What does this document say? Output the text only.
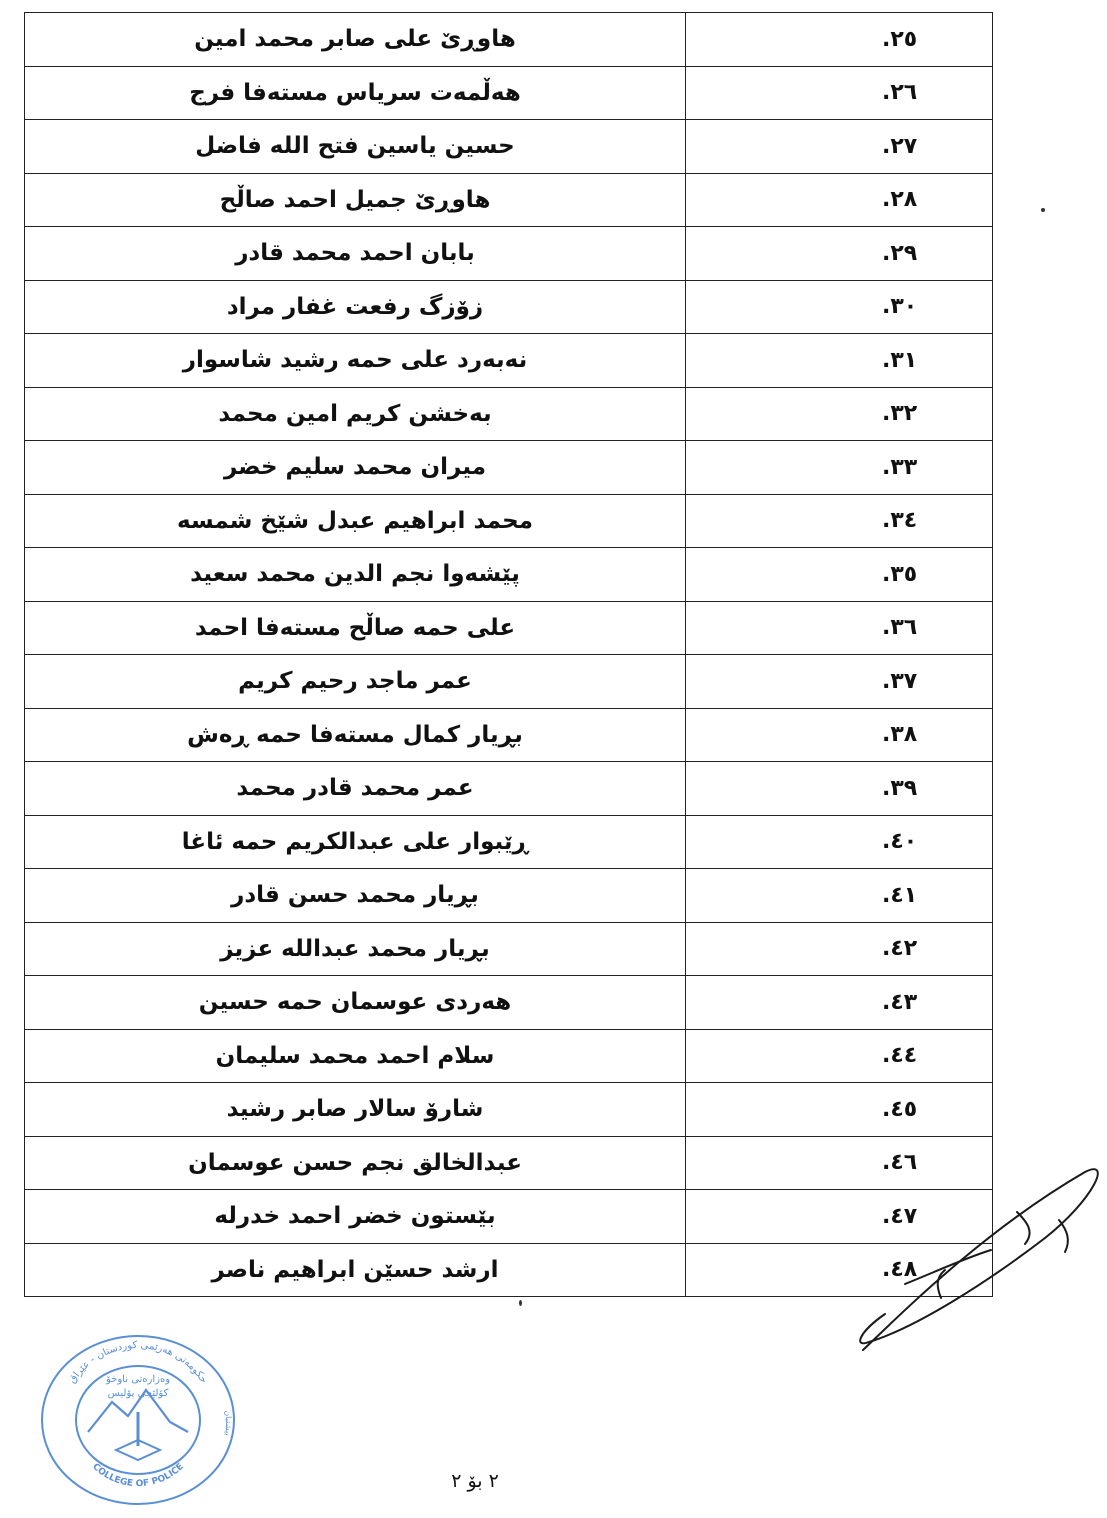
هاوڕێ علی صابر محمد امین	٢٥.
هەڵمەت سریاس مستەفا فرج	٢٦.
حسین یاسین فتح الله فاضل	٢٧.
هاوڕێ جمیل احمد صاڵح	٢٨.
بابان احمد محمد قادر	٢٩.
زۆزگ رفعت غفار مراد	٣٠.
نەبەرد علی حمە رشید شاسوار	٣١.
بەخشن کریم امین محمد	٣٢.
میران محمد سلیم خضر	٣٣.
محمد ابراهیم عبدل شێخ شمسە	٣٤.
پێشەوا نجم الدین محمد سعید	٣٥.
علی حمە صاڵح مستەفا احمد	٣٦.
عمر ماجد رحیم کریم	٣٧.
بڕیار کمال مستەفا حمە ڕەش	٣٨.
عمر محمد قادر محمد	٣٩.
ڕێبوار علی عبدالکریم حمە ئاغا	٤٠.
بڕیار محمد حسن قادر	٤١.
بڕیار محمد عبدالله عزیز	٤٢.
هەردی عوسمان حمە حسین	٤٣.
سلام احمد محمد سلیمان	٤٤.
شارۆ سالار صابر رشید	٤٥.
عبدالخالق نجم حسن عوسمان	٤٦.
بێستون خضر احمد خدرلە	٤٧.
ارشد حسێن ابراهیم ناصر	٤٨.
٢ بۆ ٢
حکومەتی هەرێمی کوردستان - عێراق
COLLEGE OF POLICE
بیشتیان
وەزارەتی ناوخۆ
کۆلێجی پۆلیس
